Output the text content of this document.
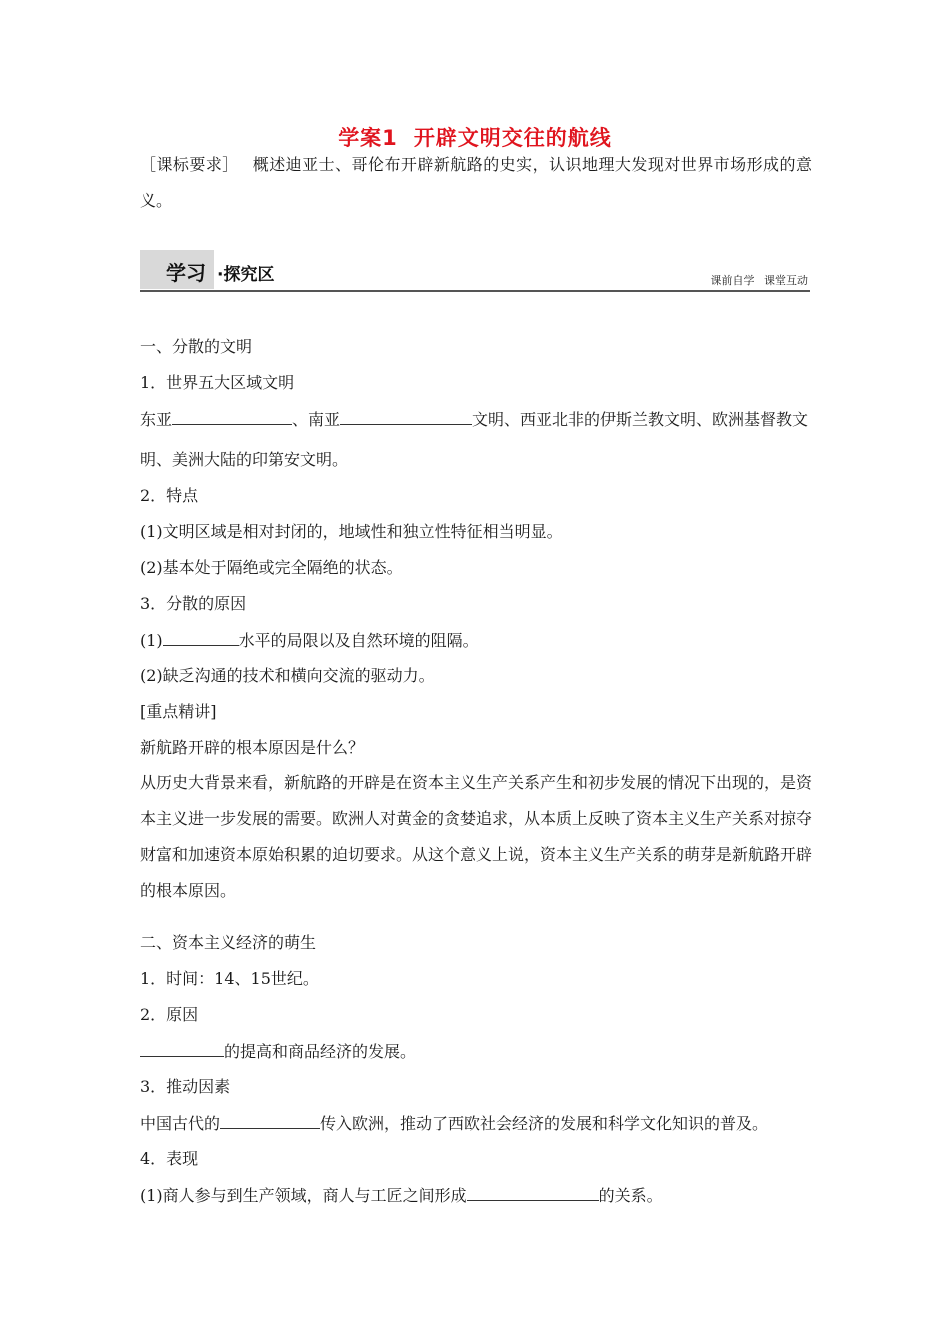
学案1 开辟文明交往的航线
［课标要求］ 概述迪亚士、哥伦布开辟新航路的史实，认识地理大发现对世界市场形成的意义。
学习 ·探究区	课前自学 课堂互动
一、分散的文明
1．世界五大区域文明
东亚	、南亚	文明、西亚北非的伊斯兰教文明、欧洲基督教文
明、美洲大陆的印第安文明。
2．特点
(1)文明区域是相对封闭的，地域性和独立性特征相当明显。
(2)基本处于隔绝或完全隔绝的状态。
3．分散的原因
(1)	水平的局限以及自然环境的阻隔。
(2)缺乏沟通的技术和横向交流的驱动力。
[重点精讲]
新航路开辟的根本原因是什么？
从历史大背景来看，新航路的开辟是在资本主义生产关系产生和初步发展的情况下出现的，是资本主义进一步发展的需要。欧洲人对黄金的贪婪追求，从本质上反映了资本主义生产关系对掠夺财富和加速资本原始积累的迫切要求。从这个意义上说，资本主义生产关系的萌芽是新航路开辟的根本原因。
二、资本主义经济的萌生
1．时间：14、15世纪。
2．原因
的提高和商品经济的发展。
3．推动因素
中国古代的	传入欧洲，推动了西欧社会经济的发展和科学文化知识的普及。
4．表现
(1)商人参与到生产领域，商人与工匠之间形成	的关系。
